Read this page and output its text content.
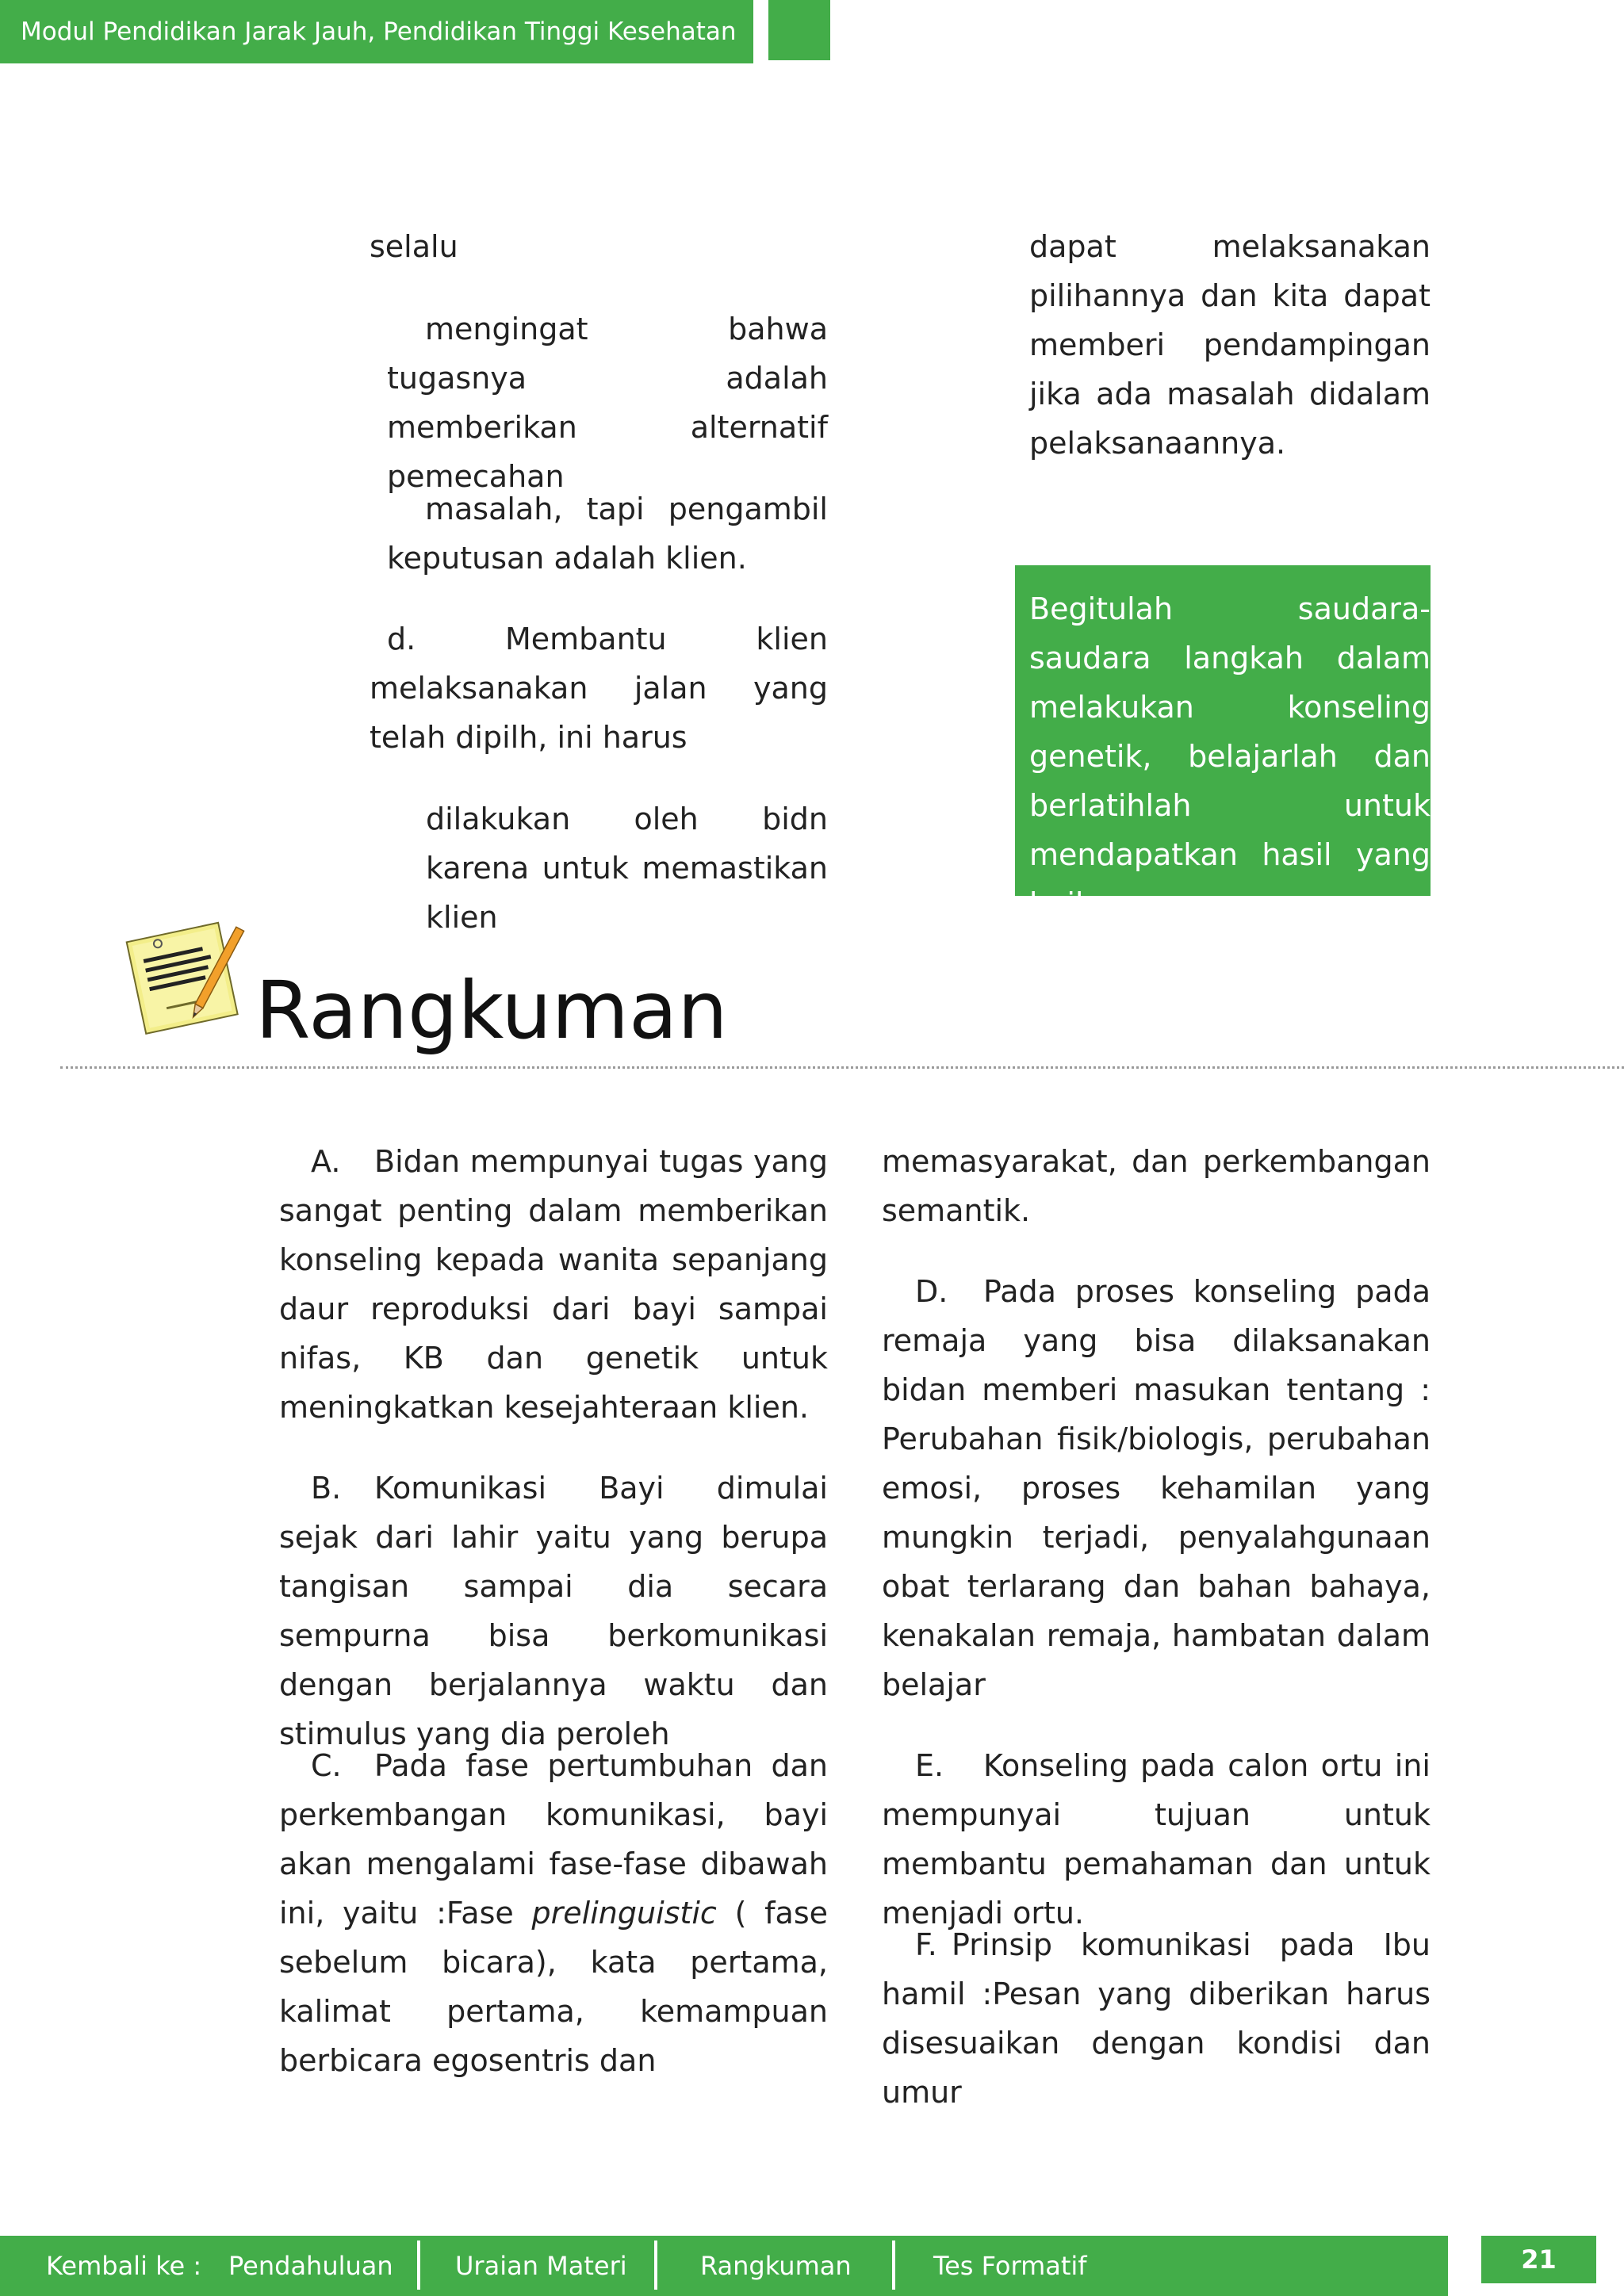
Modul Pendidikan Jarak Jauh, Pendidikan Tinggi Kesehatan
selalu
mengingat bahwa tugasnya adalah memberikan alternatif pemecahan
masalah, tapi pengambil keputusan adalah klien.
d. Membantu klien melaksanakan jalan yang telah dipilh, ini harus
dilakukan oleh bidn karena untuk memastikan klien
dapat melaksanakan pilihannya dan kita dapat memberi pendampingan jika ada masalah didalam pelaksanaannya.
Begitulah saudara-saudara langkah dalam melakukan konseling genetik, belajarlah dan berlatihlah untuk mendapatkan hasil yang baik.
Rangkuman
A. Bidan mempunyai tugas yang sangat penting dalam memberikan konseling kepada wanita sepanjang daur reproduksi dari bayi sampai nifas, KB dan genetik untuk meningkatkan kesejahteraan klien.
B. Komunikasi Bayi dimulai sejak dari lahir yaitu yang berupa tangisan sampai dia secara sempurna bisa berkomunikasi dengan berjalannya waktu dan stimulus yang dia peroleh
C. Pada fase pertumbuhan dan perkembangan komunikasi, bayi akan mengalami fase-fase dibawah ini, yaitu :Fase prelinguistic ( fase sebelum bicara), kata pertama, kalimat pertama, kemampuan berbicara egosentris dan
memasyarakat, dan perkembangan semantik.
D. Pada proses konseling pada remaja yang bisa dilaksanakan bidan memberi masukan tentang : Perubahan fisik/biologis, perubahan emosi, proses kehamilan yang mungkin terjadi, penyalahgunaan obat terlarang dan bahan bahaya, kenakalan remaja, hambatan dalam belajar
E. Konseling pada calon ortu ini mempunyai tujuan untuk membantu pemahaman dan untuk menjadi ortu.
F. Prinsip komunikasi pada Ibu hamil :Pesan yang diberikan harus disesuaikan dengan kondisi dan umur
Kembali ke : Pendahuluan Uraian Materi	Rangkuman	Tes Formatif	21
